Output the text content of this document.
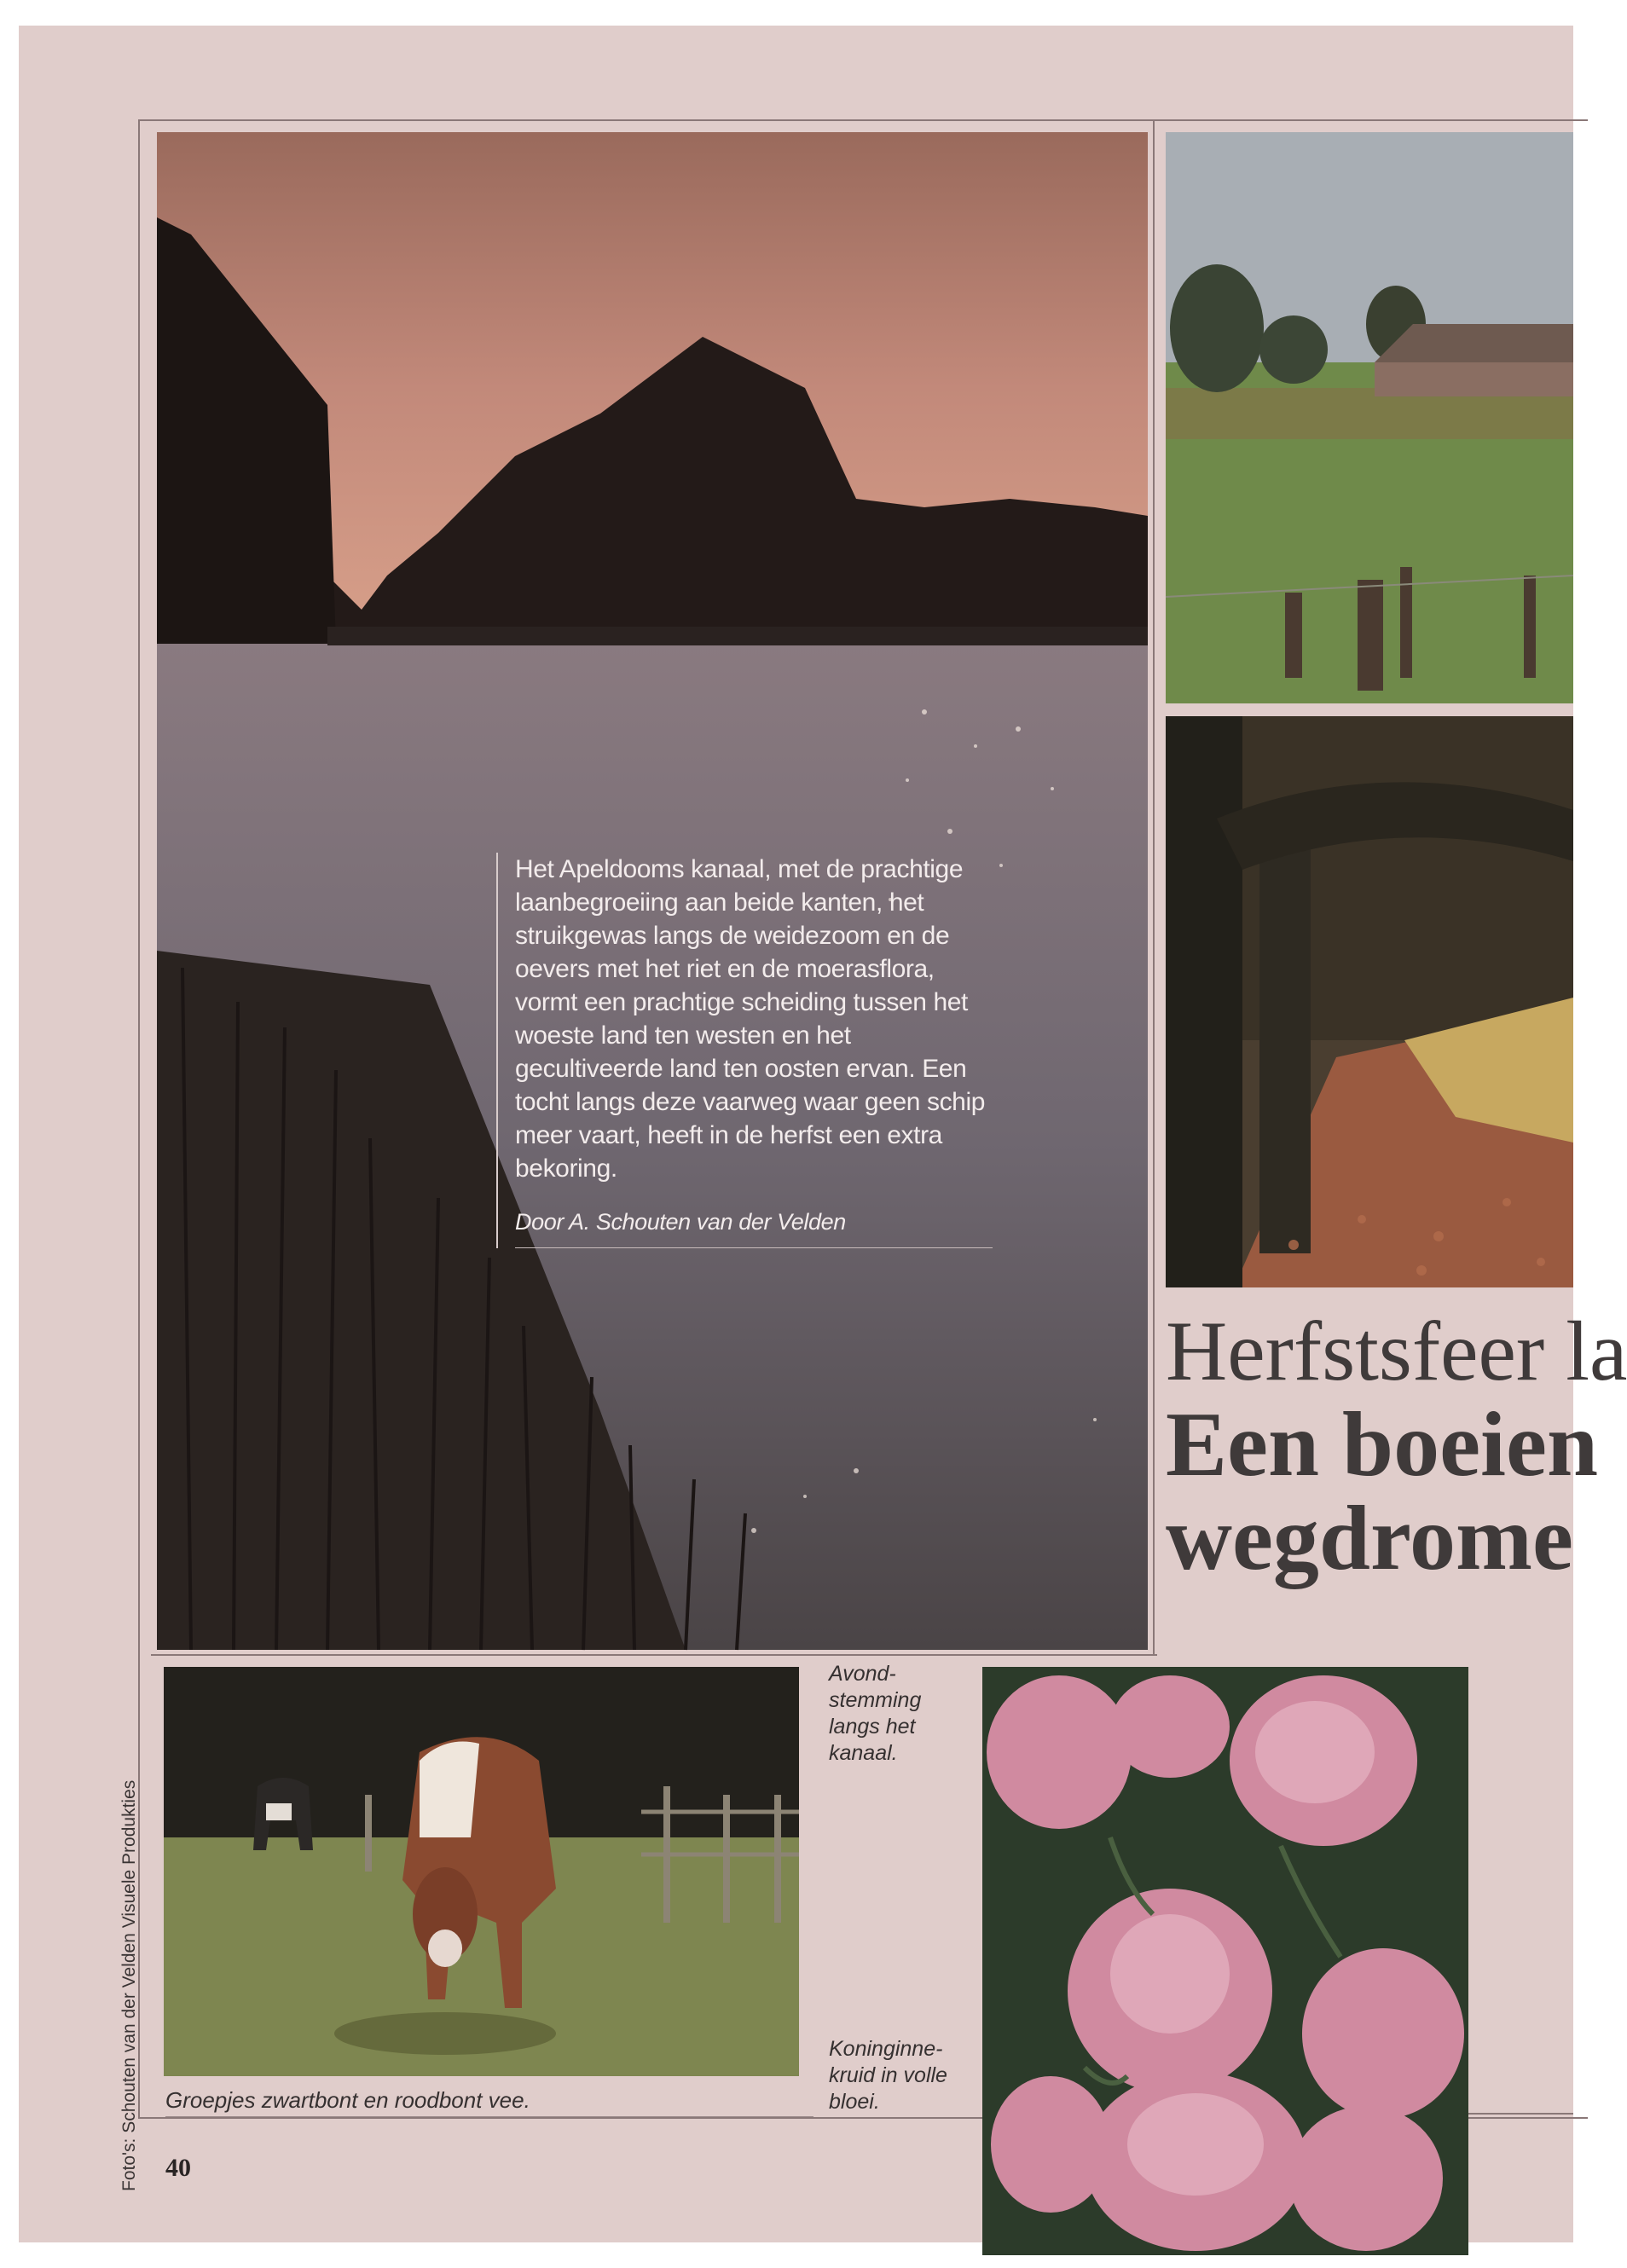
Het Apeldooms kanaal, met de prachtige laanbegroeiing aan beide kanten, het struikgewas langs de weidezoom en de oevers met het riet en de moerasflora, vormt een prachtige scheiding tussen het woeste land ten westen en het gecultiveerde land ten oosten ervan. Een tocht langs deze vaarweg waar geen schip meer vaart, heeft in de herfst een extra bekoring.

Door A. Schouten van der Velden
Herfstsfeer la
Een boeien
wegdrome
Groepjes zwartbont en roodbont vee.
Avond-stemming langs het kanaal.
Koninginne-kruid in volle bloei.
Foto's: Schouten van der Velden Visuele Produkties 40
